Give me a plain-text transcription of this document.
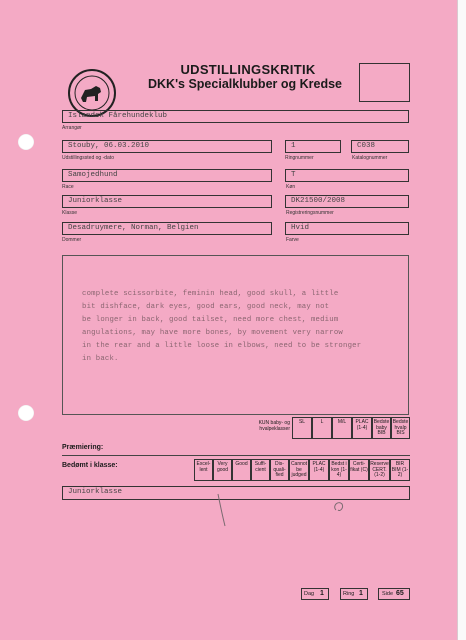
UDSTILLINGSKRITIK
DKK's Specialklubber og Kredse
Islandsk Fårehundeklub
Arrangør
Stouby, 06.03.2010
Udstillingssted og -dato
1
Ringnummer
C038
Katalognummer
Samojedhund
Race
T
Køn
Juniorklasse
Klasse
DK21500/2008
Registreringsnummer
Desadruymere, Norman, Belgien
Dommer
Hvid
Farve
complete scissorbite, feminin head, good skull, a little
bit dishface, dark eyes, good ears, good neck, may not
be longer in back, good tailset, need more chest, medium
angulations, may have more bones, by movement very narrow
in the rear and a little loose in elbows, need to be stronger
in back.
KUN baby- og hvalpeklasser
SL	L	M/L	PLAC (1-4)
Bedste baby BIB
Bedste hvalp BIS
Præmiering:
Bedømt i klasse:	Excel-lent
Very good
Good	Suffi-cient
Dis-quali-fied
Cannot be judged
PLAC (1-4)
Bedst i kon (1-4)
Certi-fikat (C)
Reserve CERT. (1-2)
BIR BIM (1-2)
Juniorklasse
Dag 1	Ring 1	Side 65
